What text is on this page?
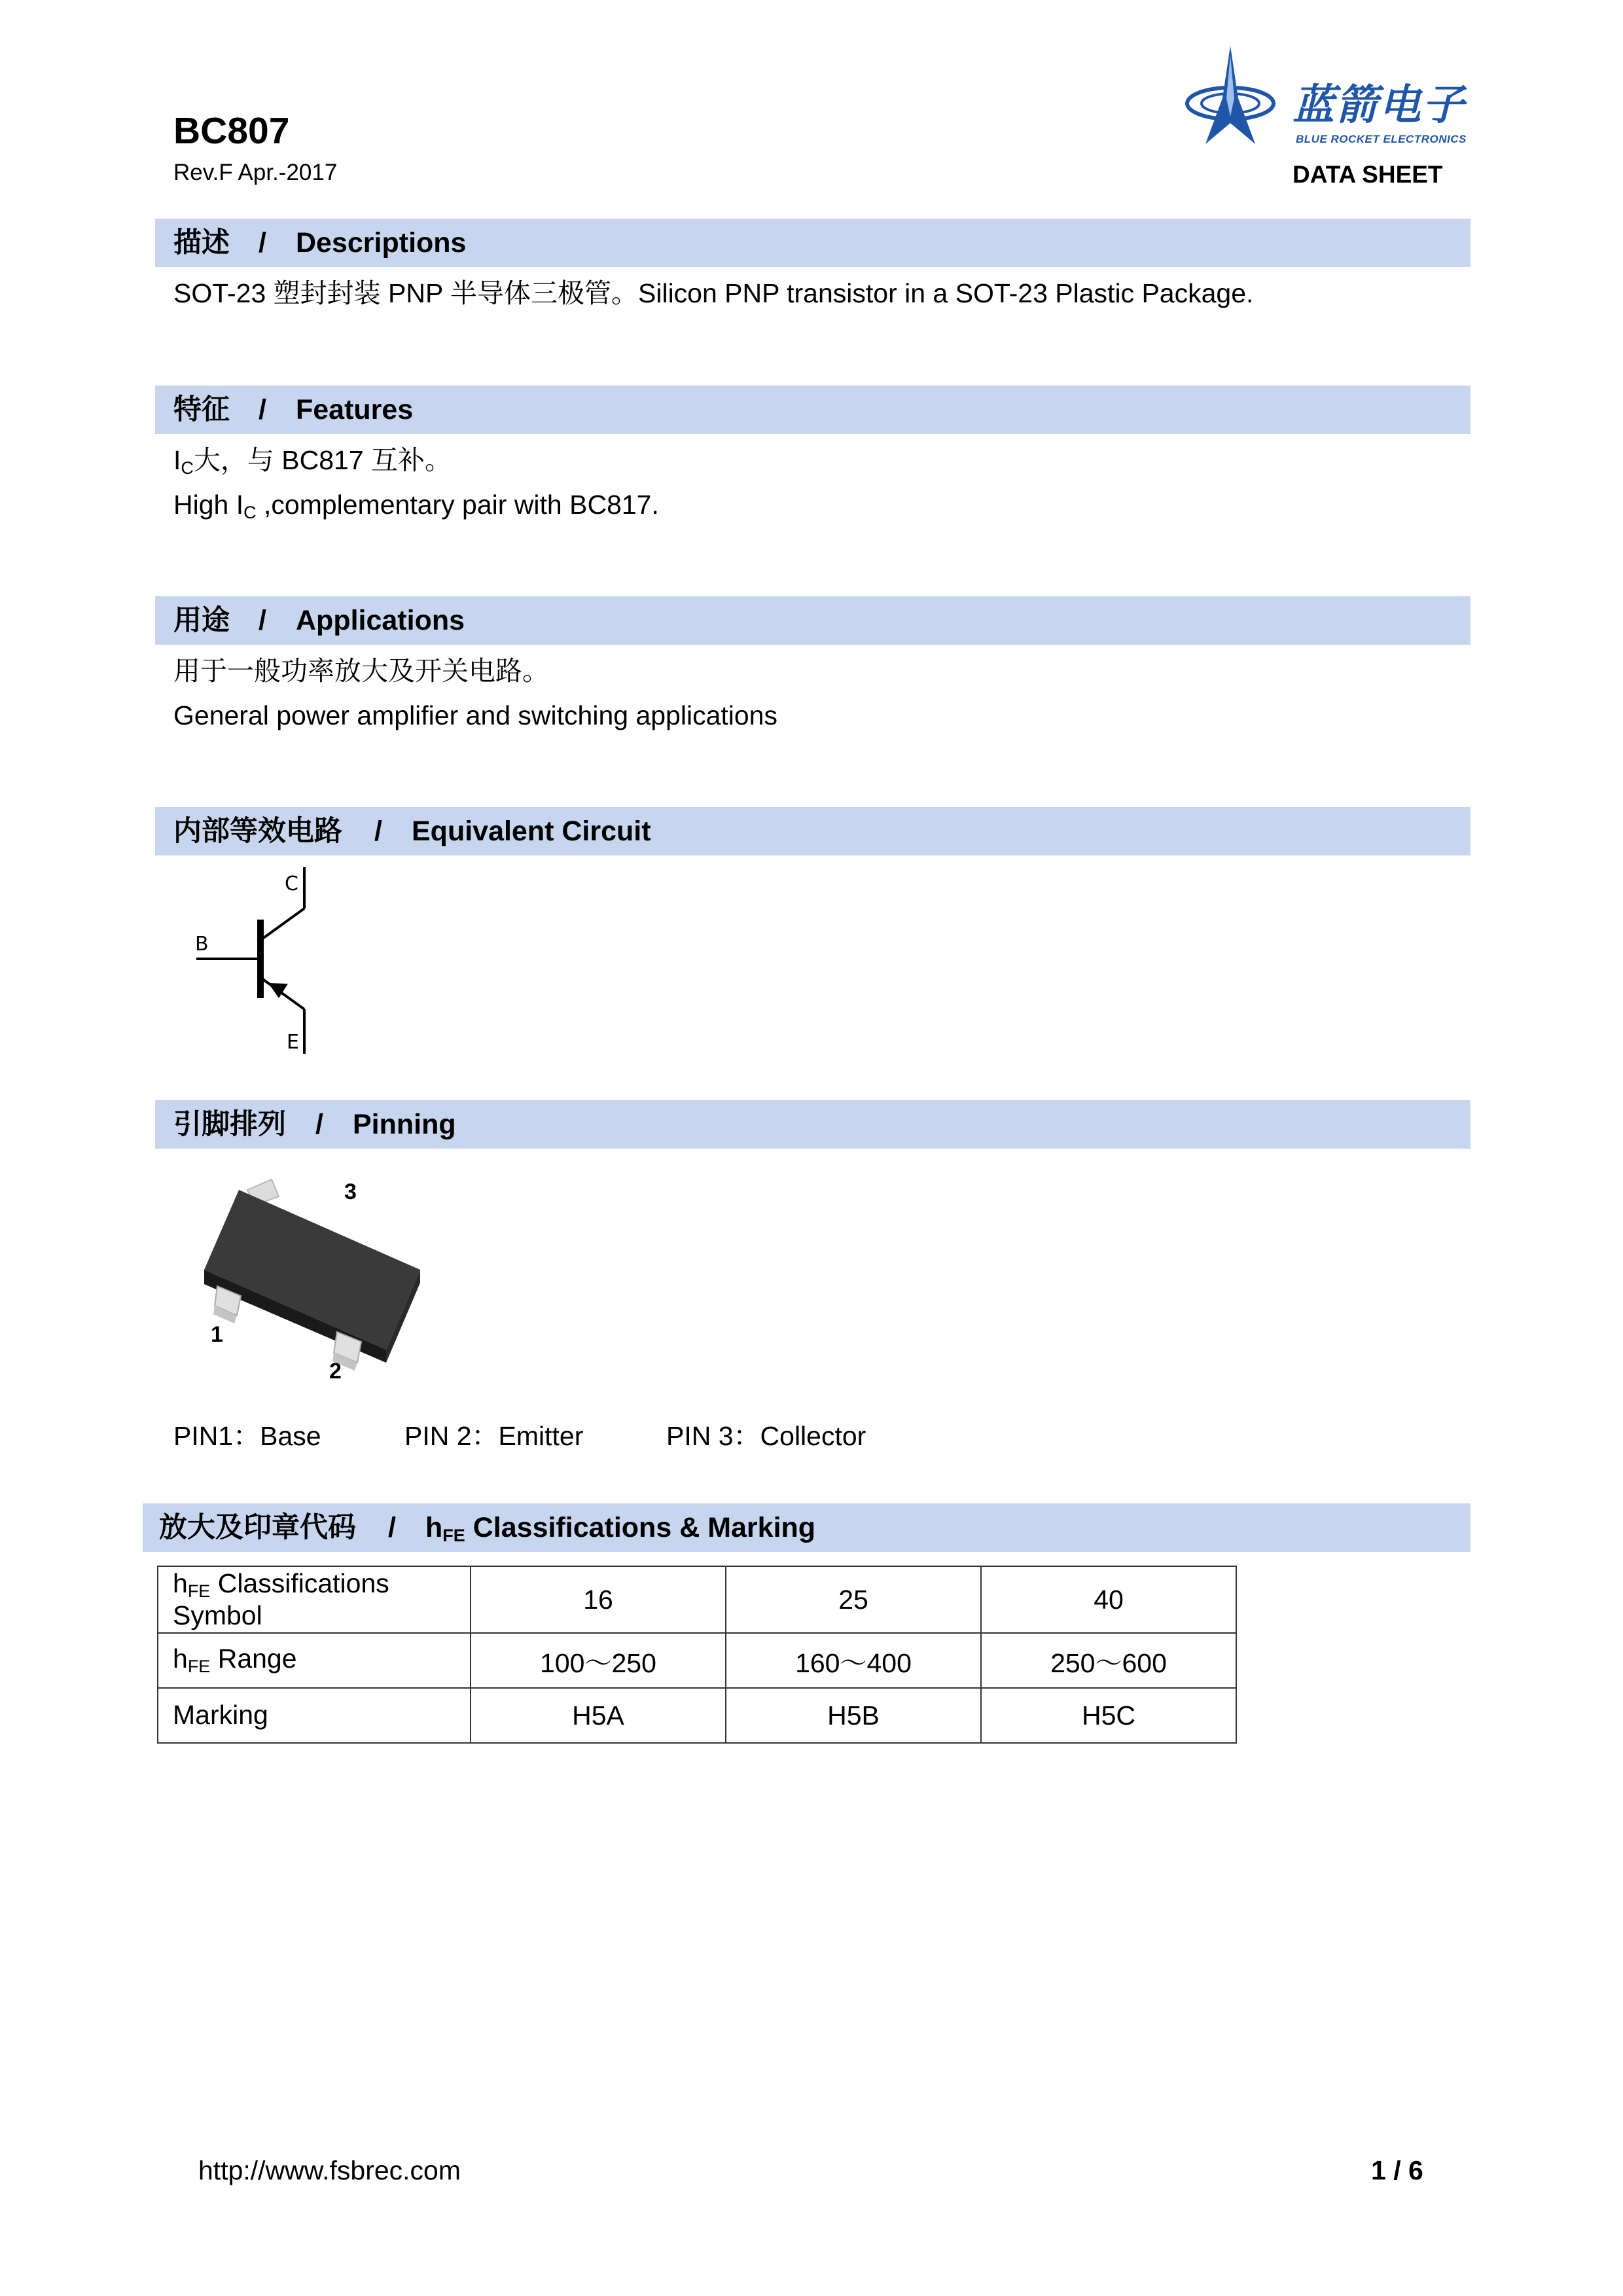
BC807
Rev.F Apr.-2017
蓝箭电子
BLUE ROCKET ELECTRONICS
DATA SHEET
描述 / Descriptions
SOT-23 塑封封装 PNP 半导体三极管。Silicon PNP transistor in a SOT-23 Plastic Package.
特征 / Features
$I_C$大，与 BC817 互补。
High $I_C$ ,complementary pair with BC817.
用途 / Applications
用于一般功率放大及开关电路。
General power amplifier and switching applications
内部等效电路 / Equivalent Circuit
C
B
E
引脚排列 / Pinning
3
1
2
PIN1：Base	PIN 2：Emitter	PIN 3：Collector
放大及印章代码 / $h_{FE}$ Classifications & Marking
$h_{FE}$ Classifications Symbol	16	25	40
$h_{FE}$ Range	100～250	160～400	250～600
Marking	H5A	H5B	H5C
http://www.fsbrec.com	1 / 6
